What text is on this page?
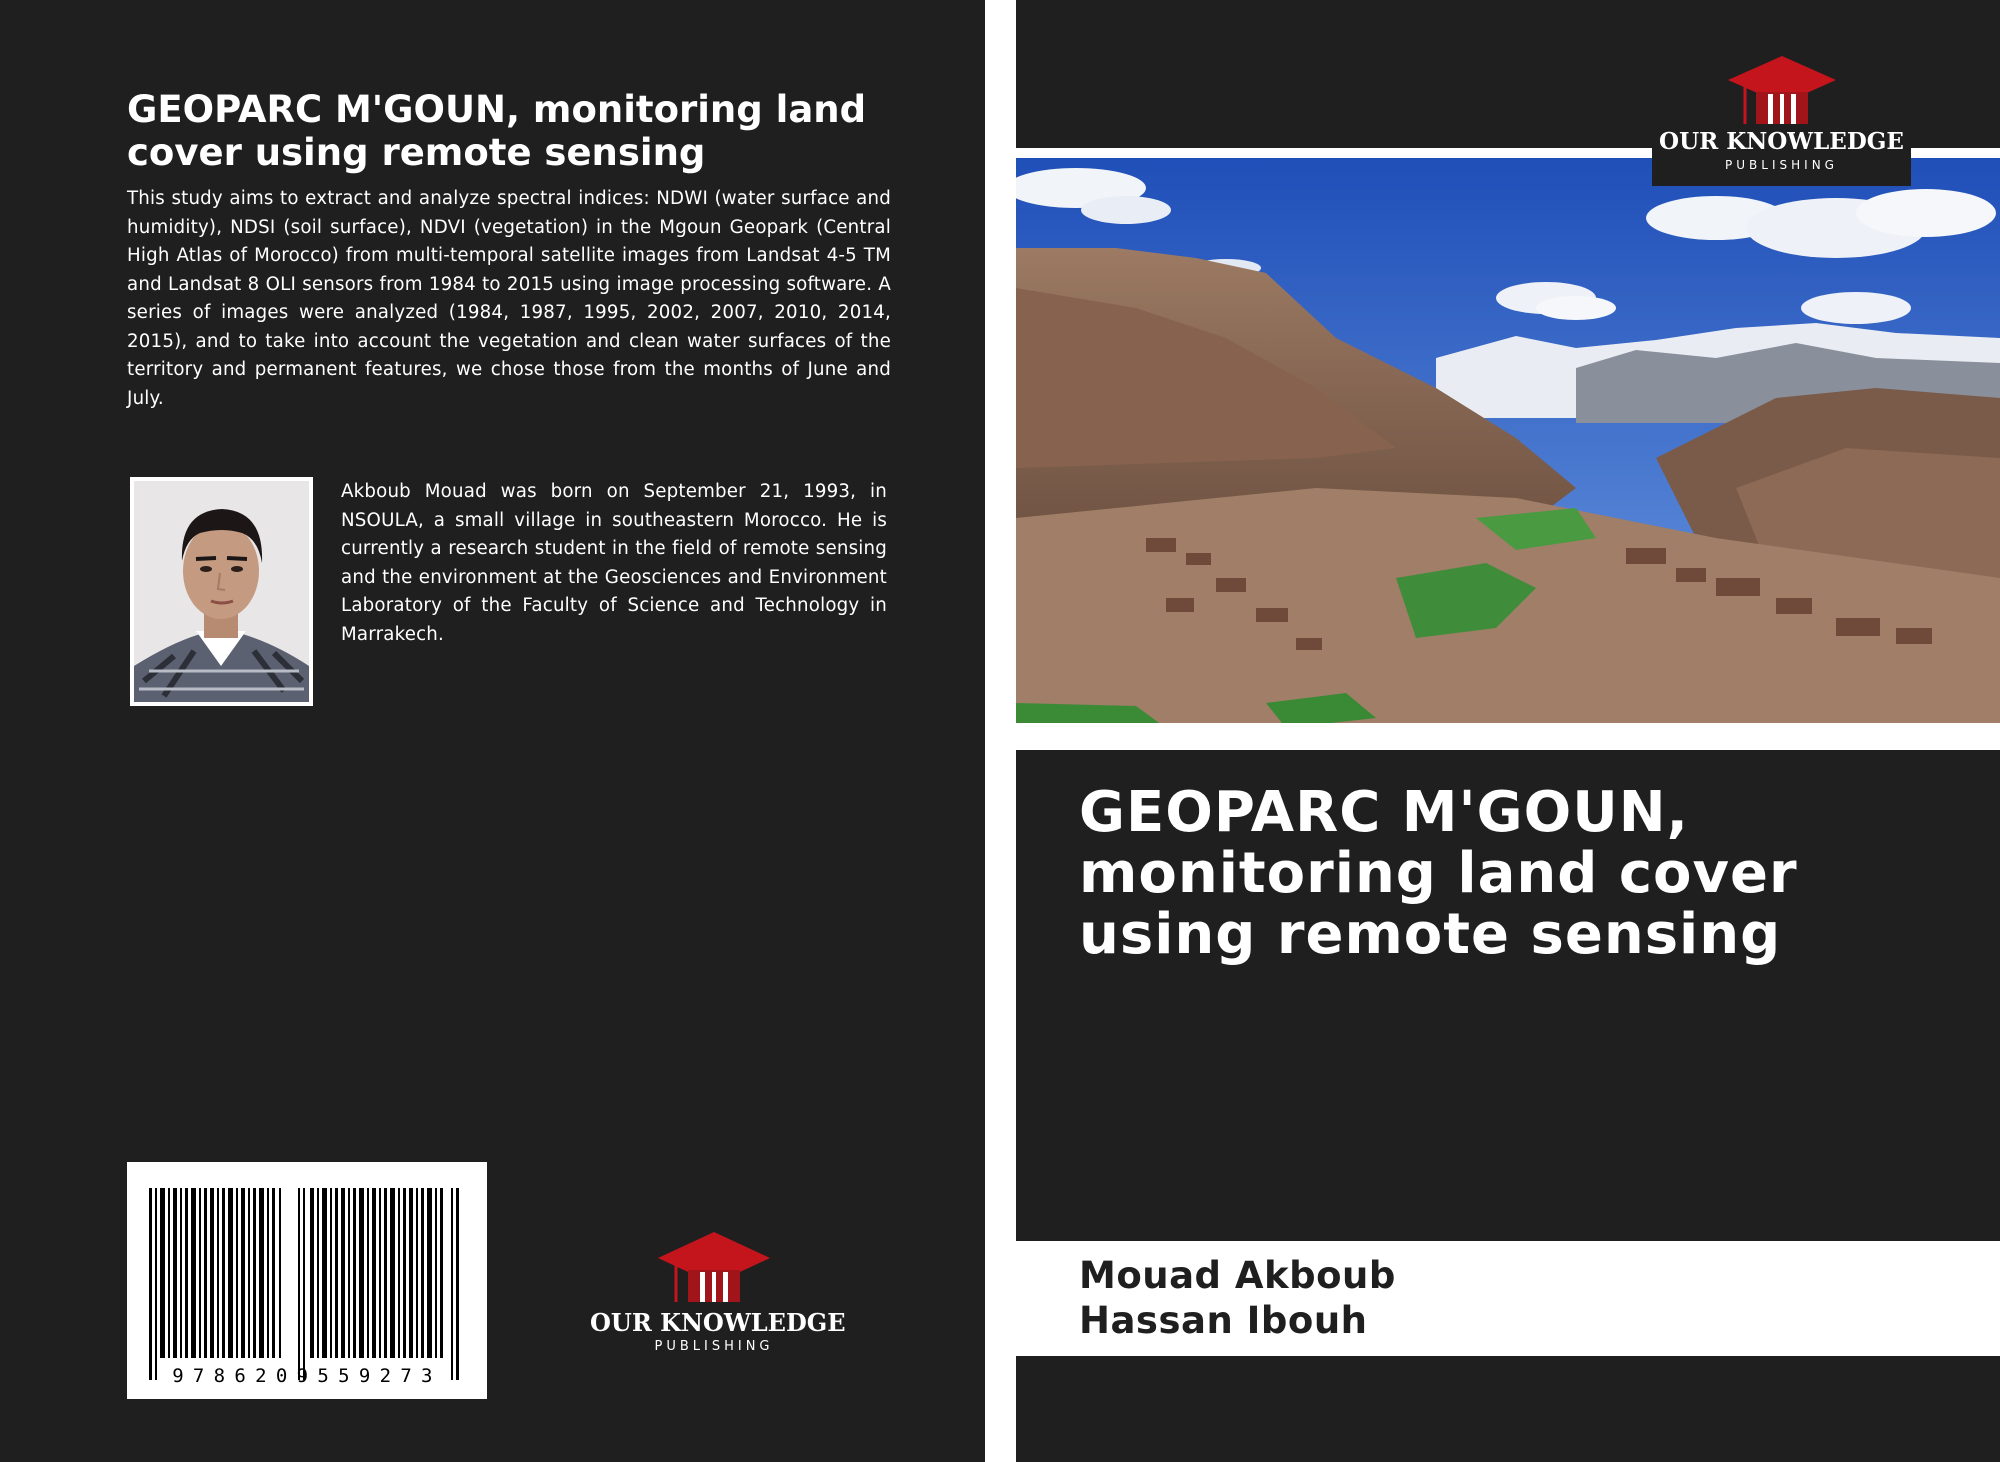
GEOPARC M'GOUN, monitoring land cover using remote sensing

This study aims to extract and analyze spectral indices: NDWI (water surface and humidity), NDSI (soil surface), NDVI (vegetation) in the Mgoun Geopark (Central High Atlas of Morocco) from multi-temporal satellite images from Landsat 4-5 TM and Landsat 8 OLI sensors from 1984 to 2015 using image processing software. A series of images were analyzed (1984, 1987, 1995, 2002, 2007, 2010, 2014, 2015), and to take into account the vegetation and clean water surfaces of the territory and permanent features, we chose those from the months of June and July.

Akboub Mouad was born on September 21, 1993, in NSOULA, a small village in southeastern Morocco. He is currently a research student in the field of remote sensing and the environment at the Geosciences and Environment Laboratory of the Faculty of Science and Technology in Marrakech.

9786209559273
OUR KNOWLEDGE
PUBLISHING
OUR KNOWLEDGE
PUBLISHING
GEOPARC M'GOUN, monitoring land cover using remote sensing
Mouad Akboub
Hassan Ibouh
